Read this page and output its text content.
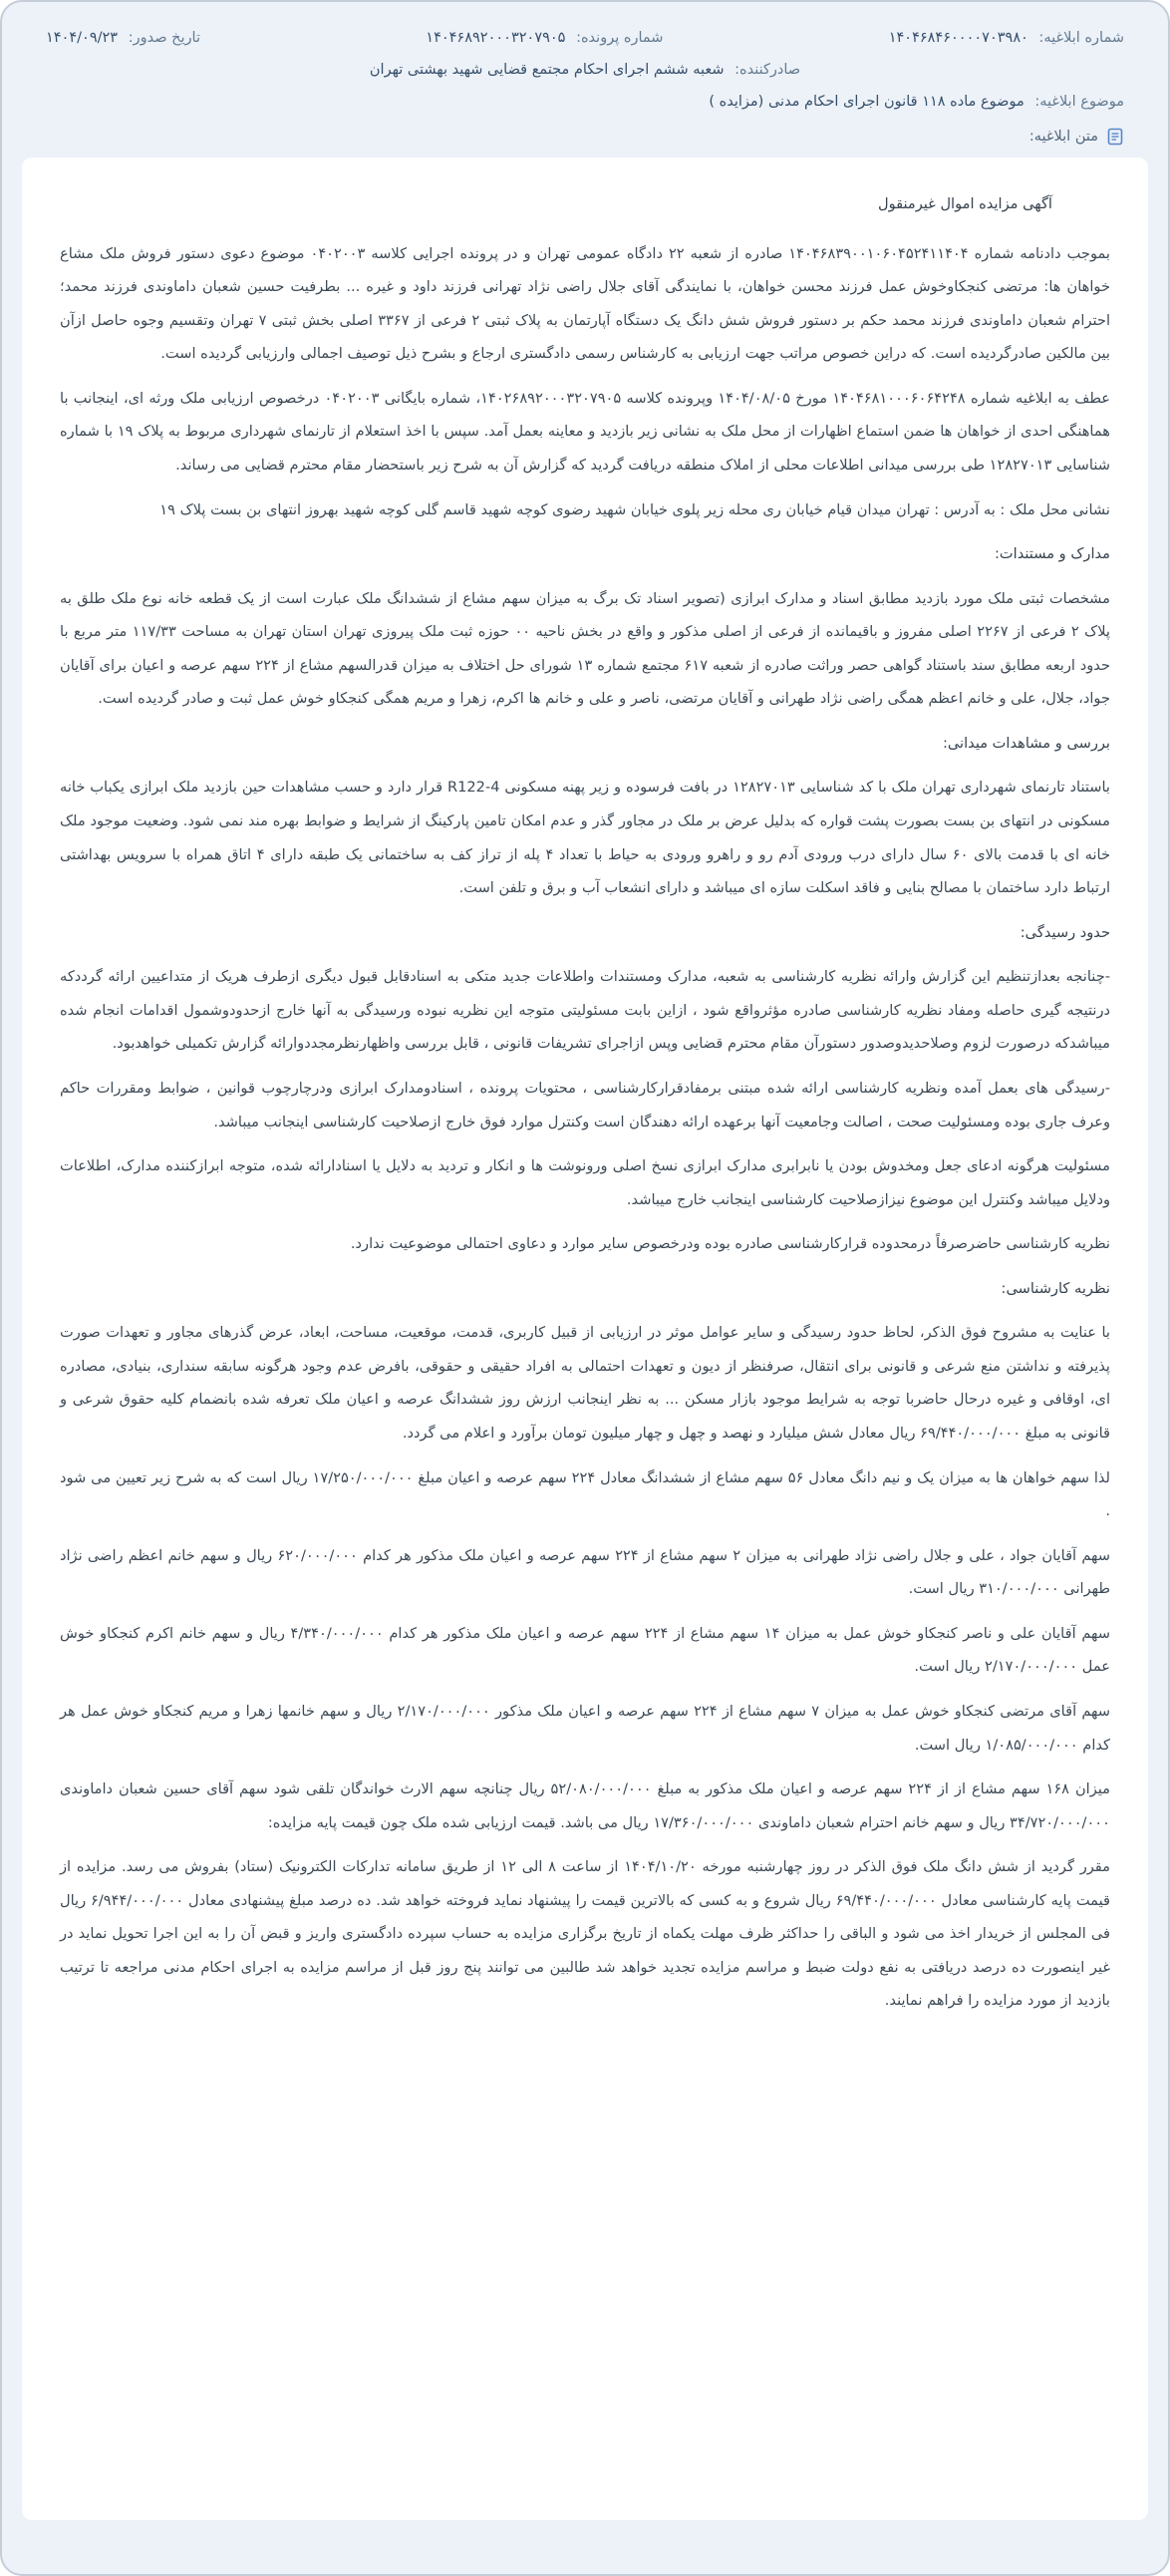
شماره ابلاغیه: ۱۴۰۴۶۸۴۶۰۰۰۰۷۰۳۹۸۰
شماره پرونده: ۱۴۰۴۶۸۹۲۰۰۰۳۲۰۷۹۰۵
تاریخ صدور: ۱۴۰۴/۰۹/۲۳
صادرکننده: شعبه ششم اجرای احکام مجتمع قضایی شهید بهشتی تهران
موضوع ابلاغیه: موضوع ماده ۱۱۸ قانون اجرای احکام مدنی (مزایده )
متن ابلاغیه:
آگهی مزایده اموال غیرمنقول

بموجب دادنامه شماره ۱۴۰۴۶۸۳۹۰۰۱۰۶۰۴۵۲۴۱۱۴۰۴ صادره از شعبه ۲۲ دادگاه عمومی تهران و در پرونده اجرایی کلاسه ۰۴۰۲۰۰۳ موضوع دعوی دستور فروش ملک مشاع خواهان ها: مرتضی کنجکاوخوش عمل فرزند محسن خواهان، با نمایندگی آقای جلال راضی نژاد تهرانی فرزند داود و غیره ... بطرفیت حسین شعبان داماوندی فرزند محمد؛ احترام شعبان داماوندی فرزند محمد حکم بر دستور فروش شش دانگ یک دستگاه آپارتمان به پلاک ثبتی ۲ فرعی از ۳۳۶۷ اصلی بخش ثبتی ۷ تهران وتقسیم وجوه حاصل ازآن بین مالکین صادرگردیده است. که دراین خصوص مراتب جهت ارزیابی به کارشناس رسمی دادگستری ارجاع و بشرح ذیل توصیف اجمالی وارزیابی گردیده است.

عطف به ابلاغیه شماره ۱۴۰۴۶۸۱۰۰۰۶۰۶۴۲۴۸ مورخ ۱۴۰۴/۰۸/۰۵ وپرونده کلاسه ۱۴۰۲۶۸۹۲۰۰۰۳۲۰۷۹۰۵، شماره بایگانی ۰۴۰۲۰۰۳ درخصوص ارزیابی ملک ورثه ای، اینجانب با هماهنگی احدی از خواهان ها ضمن استماع اظهارات از محل ملک به نشانی زیر بازدید و معاینه بعمل آمد. سپس با اخذ استعلام از تارنمای شهرداری مربوط به پلاک ۱۹ با شماره شناسایی ۱۲۸۲۷۰۱۳ طی بررسی میدانی اطلاعات محلی از املاک منطقه دریافت گردید که گزارش آن به شرح زیر باستحضار مقام محترم قضایی می رساند.

نشانی محل ملک : به آدرس : تهران میدان قیام خیابان ری محله زیر پلوی خیابان شهید رضوی کوچه شهید قاسم گلی کوچه شهید بهروز انتهای بن بست پلاک ۱۹

مدارک و مستندات:

مشخصات ثبتی ملک مورد بازدید مطابق اسناد و مدارک ابرازی (تصویر اسناد تک برگ به میزان سهم مشاع از ششدانگ ملک عبارت است از یک قطعه خانه نوع ملک طلق به پلاک ۲ فرعی از ۲۲۶۷ اصلی مفروز و باقیمانده از فرعی از اصلی مذکور و واقع در بخش ناحیه ۰۰ حوزه ثبت ملک پیروزی تهران استان تهران به مساحت ۱۱۷/۳۳ متر مربع با حدود اربعه مطابق سند باستناد گواهی حصر وراثت صادره از شعبه ۶۱۷ مجتمع شماره ۱۳ شورای حل اختلاف به میزان قدرالسهم مشاع از ۲۲۴ سهم عرصه و اعیان برای آقایان جواد، جلال، علی و خانم اعظم همگی راضی نژاد طهرانی و آقایان مرتضی، ناصر و علی و خانم ها اکرم، زهرا و مریم همگی کنجکاو خوش عمل ثبت و صادر گردیده است.

بررسی و مشاهدات میدانی:

باستناد تارنمای شهرداری تهران ملک با کد شناسایی ۱۲۸۲۷۰۱۳ در بافت فرسوده و زیر پهنه مسکونی R122-4 قرار دارد و حسب مشاهدات حین بازدید ملک ابرازی یکباب خانه مسکونی در انتهای بن بست بصورت پشت قواره که بدلیل عرض بر ملک در مجاور گذر و عدم امکان تامین پارکینگ از شرایط و ضوابط بهره مند نمی شود. وضعیت موجود ملک خانه ای با قدمت بالای ۶۰ سال دارای درب ورودی آدم رو و راهرو ورودی به حیاط با تعداد ۴ پله از تراز کف به ساختمانی یک طبقه دارای ۴ اتاق همراه با سرویس بهداشتی ارتباط دارد ساختمان با مصالح بنایی و فاقد اسکلت سازه ای میباشد و دارای انشعاب آب و برق و تلفن است.

حدود رسیدگی:

-چنانجه بعدازتنظیم این گزارش وارائه نظریه کارشناسی به شعبه، مدارک ومستندات واطلاعات جدید متکی به اسنادقابل قبول دیگری ازطرف هریک از متداعیین ارائه گرددکه درنتیجه گیری حاصله ومفاد نظریه کارشناسی صادره مؤثرواقع شود ، ازاین بابت مسئولیتی متوجه این نظریه نبوده ورسیدگی به آنها خارج ازحدودوشمول اقدامات انجام شده میباشدکه درصورت لزوم وصلاحدیدوصدور دستورآن مقام محترم قضایی وپس ازاجرای تشریفات قانونی ، قابل بررسی واظهارنظرمجددوارائه گزارش تکمیلی خواهدبود.

-رسیدگی های بعمل آمده ونظریه کارشناسی ارائه شده مبتنی برمفادقرارکارشناسی ، محتویات پرونده ، اسنادومدارک ابرازی ودرچارچوب قوانین ، ضوابط ومقررات حاکم وعرف جاری بوده ومسئولیت صحت ، اصالت وجامعیت آنها برعهده ارائه دهندگان است وکنترل موارد فوق خارج ازصلاحیت کارشناسی اینجانب میباشد.

مسئولیت هرگونه ادعای جعل ومخدوش بودن یا نابرابری مدارک ابرازی نسخ اصلی ورونوشت ها و انکار و تردید به دلایل یا اسنادارائه شده، متوجه ابرازکننده مدارک، اطلاعات ودلایل میباشد وکنترل این موضوع نیزازصلاحیت کارشناسی اینجانب خارج میباشد.

نظریه کارشناسی حاضرصرفاً درمحدوده قرارکارشناسی صادره بوده ودرخصوص سایر موارد و دعاوی احتمالی موضوعیت ندارد.

نظریه کارشناسی:

با عنایت به مشروح فوق الذکر، لحاظ حدود رسیدگی و سایر عوامل موثر در ارزیابی از قبیل کاربری، قدمت، موقعیت، مساحت، ابعاد، عرض گذرهای مجاور و تعهدات صورت پذیرفته و نداشتن منع شرعی و قانونی برای انتقال، صرفنظر از دیون و تعهدات احتمالی به افراد حقیقی و حقوقی، بافرض عدم وجود هرگونه سابقه سنداری، بنیادی، مصادره ای، اوقافی و غیره درحال حاضربا توجه به شرایط موجود بازار مسکن ... به نظر اینجانب ارزش روز ششدانگ عرصه و اعیان ملک تعرفه شده بانضمام کلیه حقوق شرعی و قانونی به مبلغ ۶۹/۴۴۰/۰۰۰/۰۰۰ ریال معادل شش میلیارد و نهصد و چهل و چهار میلیون تومان برآورد و اعلام می گردد.

لذا سهم خواهان ها به میزان یک و نیم دانگ معادل ۵۶ سهم مشاع از ششدانگ معادل ۲۲۴ سهم عرصه و اعیان مبلغ ۱۷/۲۵۰/۰۰۰/۰۰۰ ریال است که به شرح زیر تعیین می شود .

سهم آقایان جواد ، علی و جلال راضی نژاد طهرانی به میزان ۲ سهم مشاع از ۲۲۴ سهم عرصه و اعیان ملک مذکور هر کدام ۶۲۰/۰۰۰/۰۰۰ ریال و سهم خانم اعظم راضی نژاد طهرانی ۳۱۰/۰۰۰/۰۰۰ ریال است.

سهم آقایان علی و ناصر کنجکاو خوش عمل به میزان ۱۴ سهم مشاع از ۲۲۴ سهم عرصه و اعیان ملک مذکور هر کدام ۴/۳۴۰/۰۰۰/۰۰۰ ریال و سهم خانم اکرم کنجکاو خوش عمل ۲/۱۷۰/۰۰۰/۰۰۰ ریال است.

سهم آقای مرتضی کنجکاو خوش عمل به میزان ۷ سهم مشاع از ۲۲۴ سهم عرصه و اعیان ملک مذکور ۲/۱۷۰/۰۰۰/۰۰۰ ریال و سهم خانمها زهرا و مریم کنجکاو خوش عمل هر کدام ۱/۰۸۵/۰۰۰/۰۰۰ ریال است.

میزان ۱۶۸ سهم مشاع از از ۲۲۴ سهم عرصه و اعیان ملک مذکور به مبلغ ۵۲/۰۸۰/۰۰۰/۰۰۰ ریال چنانچه سهم الارث خواندگان تلقی شود سهم آقای حسین شعبان داماوندی ۳۴/۷۲۰/۰۰۰/۰۰۰ ریال و سهم خانم احترام شعبان داماوندی ۱۷/۳۶۰/۰۰۰/۰۰۰ ریال می باشد. قیمت ارزیابی شده ملک چون قیمت پایه مزایده:

مقرر گردید از شش دانگ ملک فوق الذکر در روز چهارشنبه مورخه ۱۴۰۴/۱۰/۲۰ از ساعت ۸ الی ۱۲ از طریق سامانه تدارکات الکترونیک (ستاد) بفروش می رسد. مزایده از قیمت پایه کارشناسی معادل ۶۹/۴۴۰/۰۰۰/۰۰۰ ریال شروع و به کسی که بالاترین قیمت را پیشنهاد نماید فروخته خواهد شد. ده درصد مبلغ پیشنهادی معادل ۶/۹۴۴/۰۰۰/۰۰۰ ریال فی المجلس از خریدار اخذ می شود و الباقی را حداکثر ظرف مهلت یکماه از تاریخ برگزاری مزایده به حساب سپرده دادگستری واریز و قبض آن را به این اجرا تحویل نماید در غیر اینصورت ده درصد دریافتی به نفع دولت ضبط و مراسم مزایده تجدید خواهد شد طالبین می توانند پنج روز قبل از مراسم مزایده به اجرای احکام مدنی مراجعه تا ترتیب بازدید از مورد مزایده را فراهم نمایند.
